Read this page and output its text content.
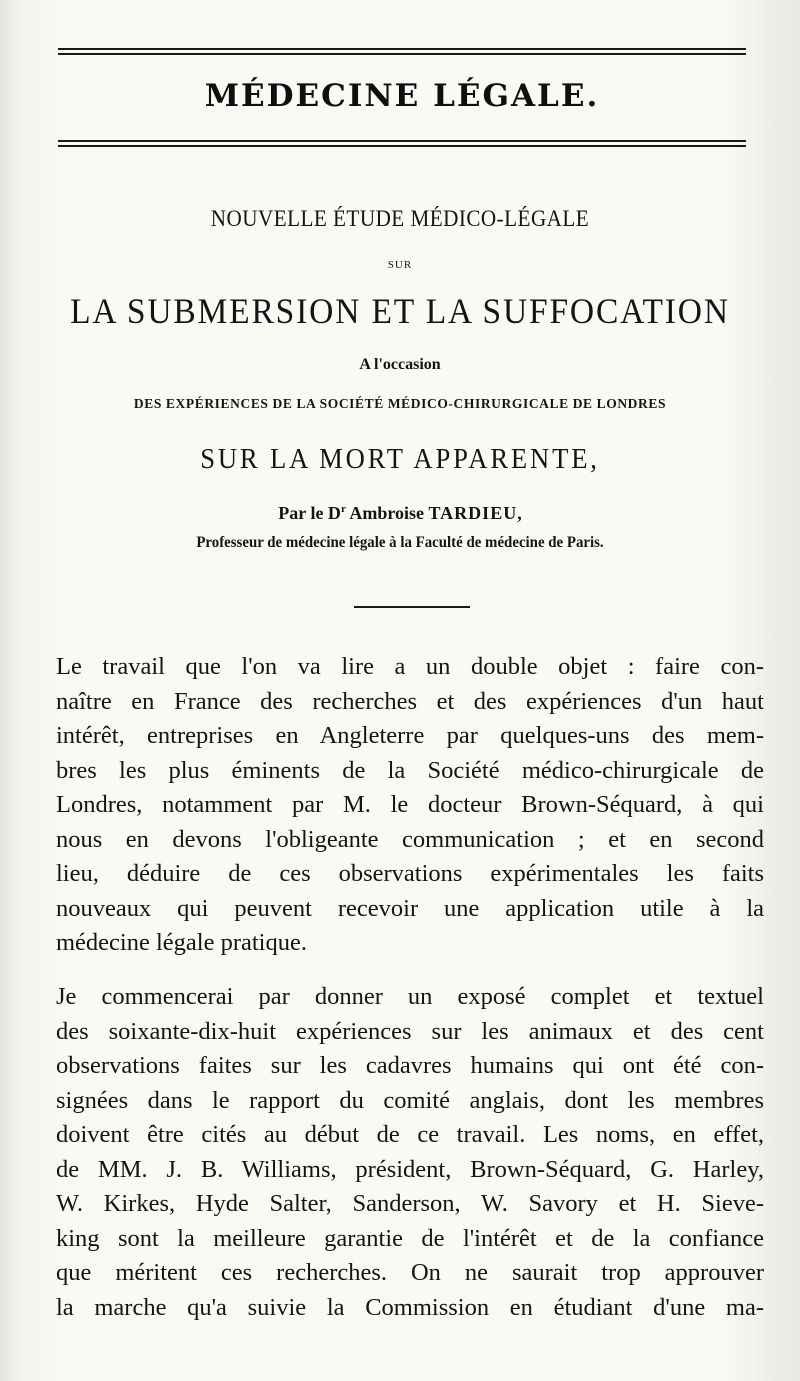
MÉDECINE LÉGALE.
NOUVELLE ÉTUDE MÉDICO-LÉGALE
SUR
LA SUBMERSION ET LA SUFFOCATION
A l'occasion
DES EXPÉRIENCES DE LA SOCIÉTÉ MÉDICO-CHIRURGICALE DE LONDRES
SUR LA MORT APPARENTE,
Par le $D^r$ Ambroise TARDIEU,
Professeur de médecine légale à la Faculté de médecine de Paris.
Le travail que l'on va lire a un double objet : faire con-
naître en France des recherches et des expériences d'un haut
intérêt, entreprises en Angleterre par quelques-uns des mem-
bres les plus éminents de la Société médico-chirurgicale de
Londres, notamment par M. le docteur Brown-Séquard, à qui
nous en devons l'obligeante communication ; et en second
lieu, déduire de ces observations expérimentales les faits
nouveaux qui peuvent recevoir une application utile à la
médecine légale pratique.
Je commencerai par donner un exposé complet et textuel
des soixante-dix-huit expériences sur les animaux et des cent
observations faites sur les cadavres humains qui ont été con-
signées dans le rapport du comité anglais, dont les membres
doivent être cités au début de ce travail. Les noms, en effet,
de MM. J. B. Williams, président, Brown-Séquard, G. Harley,
W. Kirkes, Hyde Salter, Sanderson, W. Savory et H. Sieve-
king sont la meilleure garantie de l'intérêt et de la confiance
que méritent ces recherches. On ne saurait trop approuver
la marche qu'a suivie la Commission en étudiant d'une ma-
